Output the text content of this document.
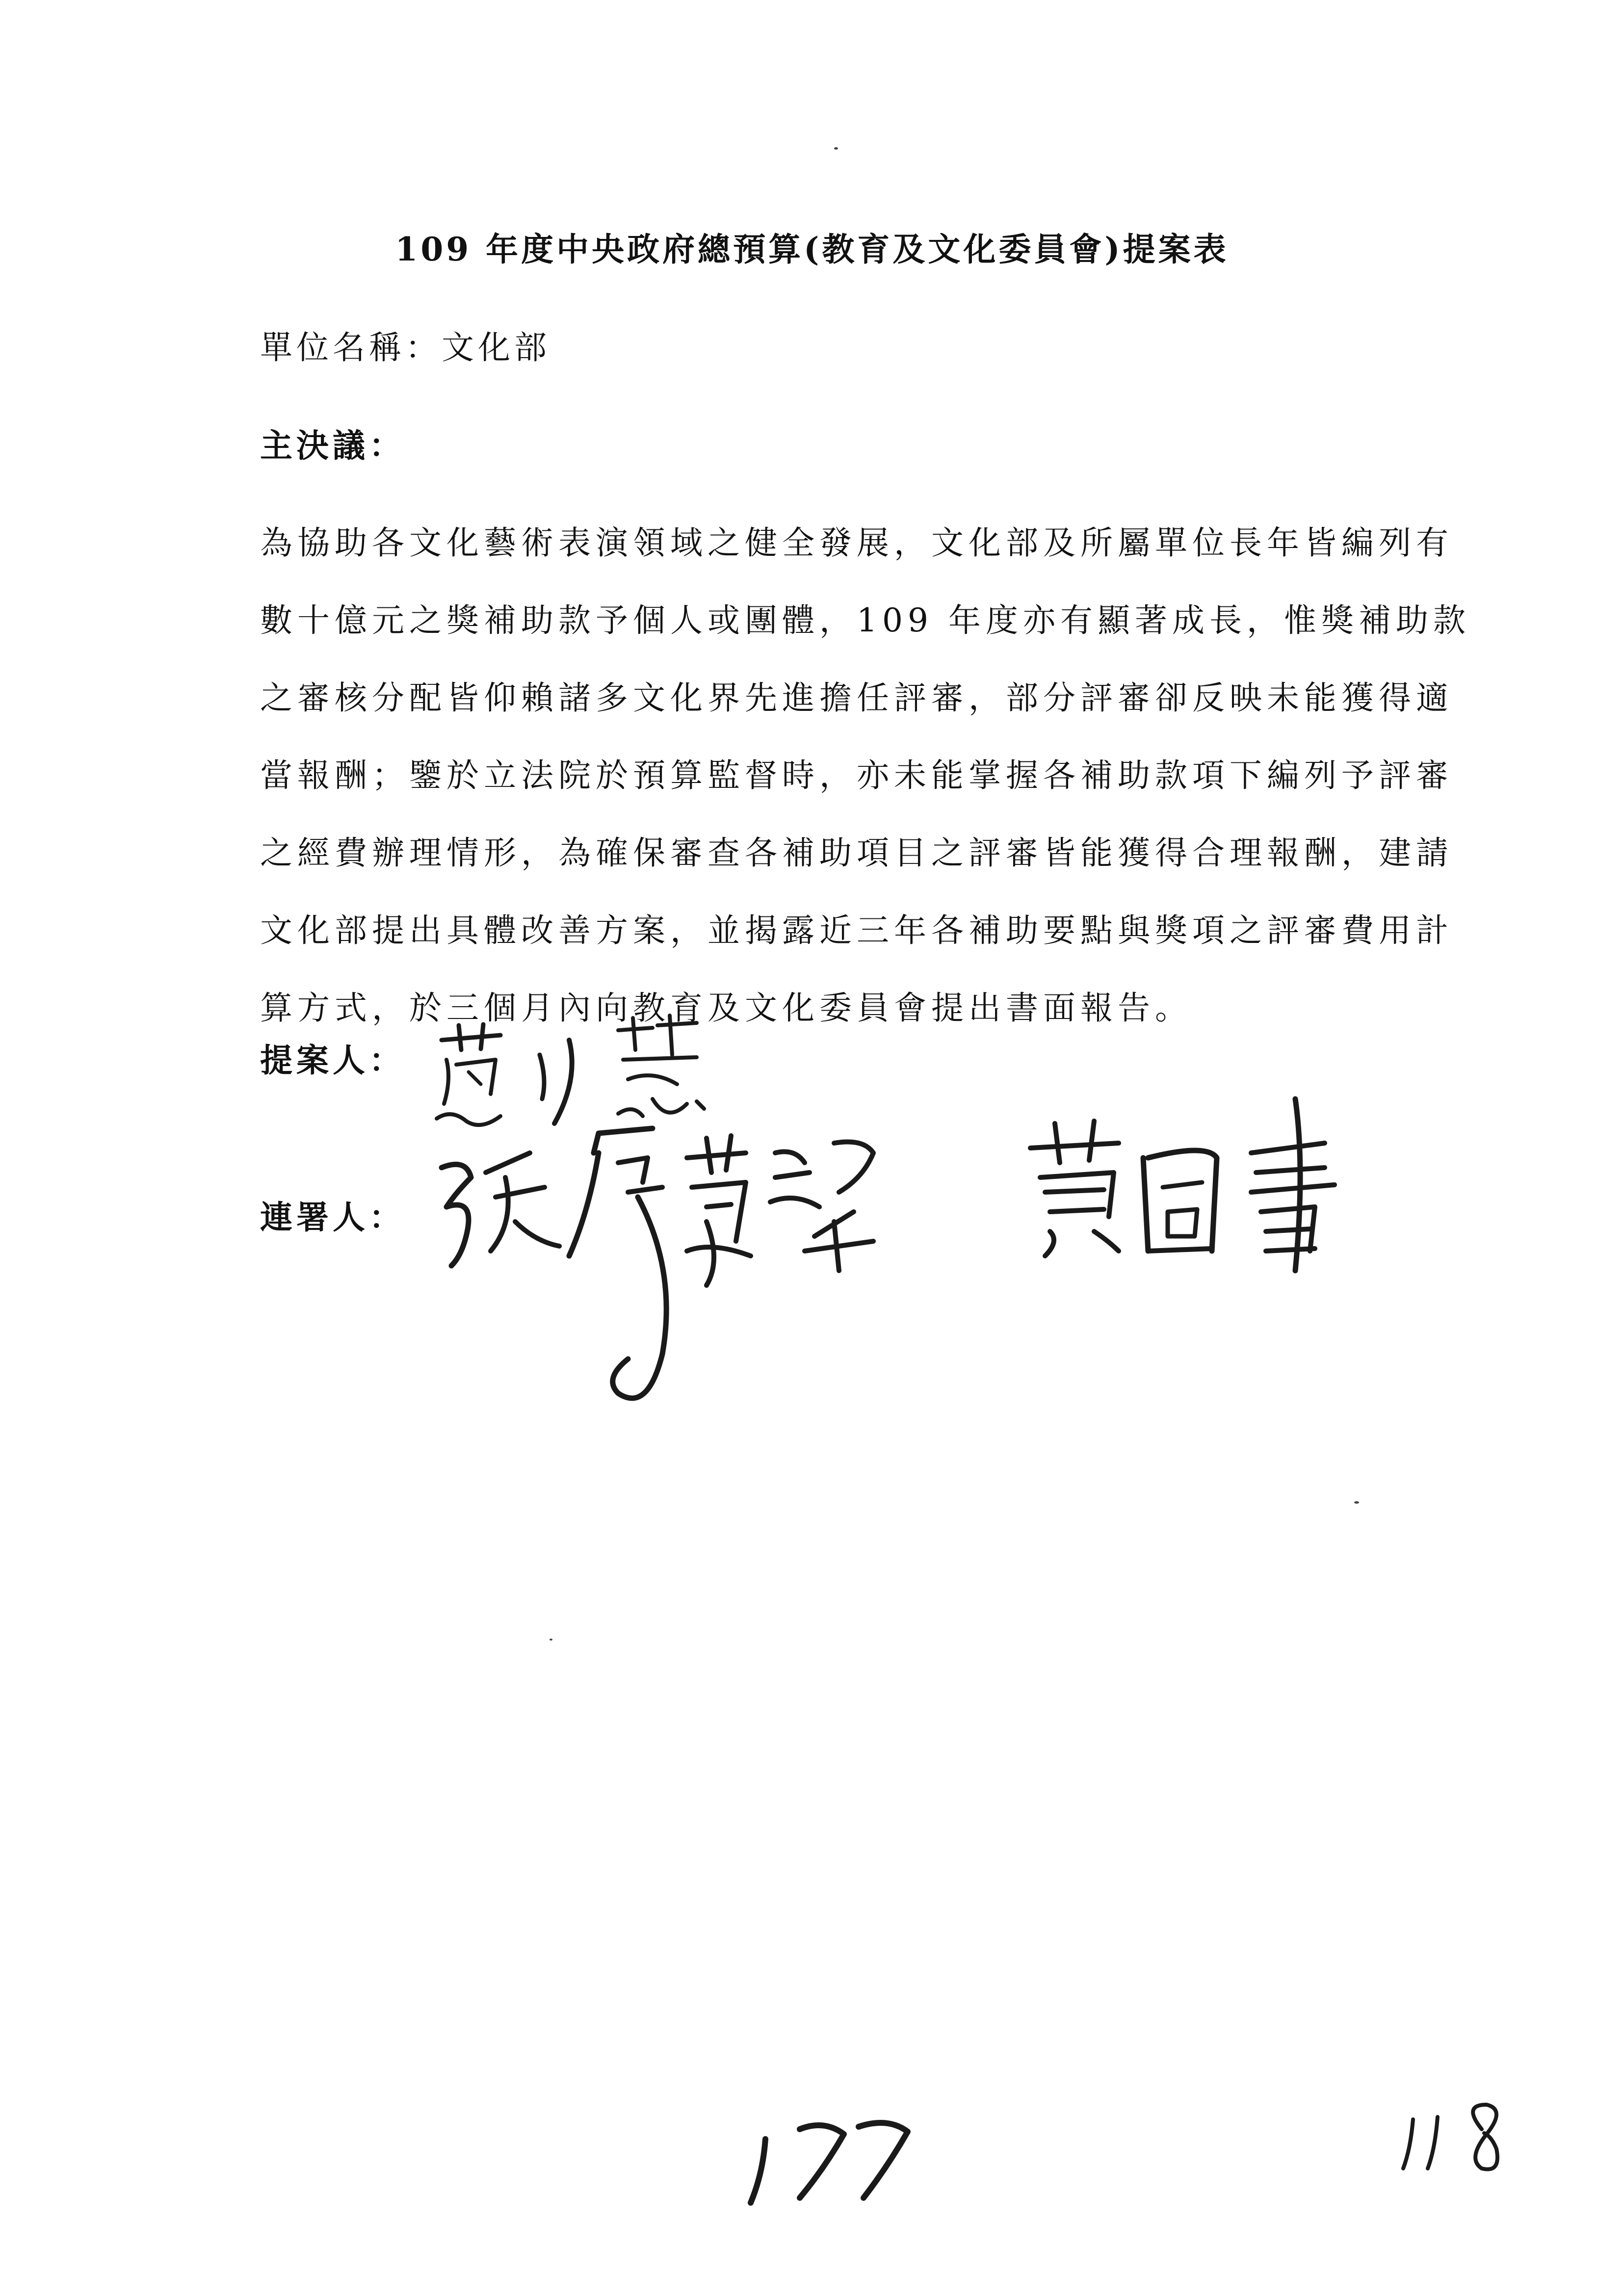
109 年度中央政府總預算(教育及文化委員會)提案表
單位名稱：文化部
主決議：
為協助各文化藝術表演領域之健全發展，文化部及所屬單位長年皆編列有
數十億元之獎補助款予個人或團體，109 年度亦有顯著成長，惟獎補助款
之審核分配皆仰賴諸多文化界先進擔任評審，部分評審卻反映未能獲得適
當報酬；鑒於立法院於預算監督時，亦未能掌握各補助款項下編列予評審
之經費辦理情形，為確保審查各補助項目之評審皆能獲得合理報酬，建請
文化部提出具體改善方案，並揭露近三年各補助要點與獎項之評審費用計
算方式，於三個月內向教育及文化委員會提出書面報告。
提案人：
連署人：
